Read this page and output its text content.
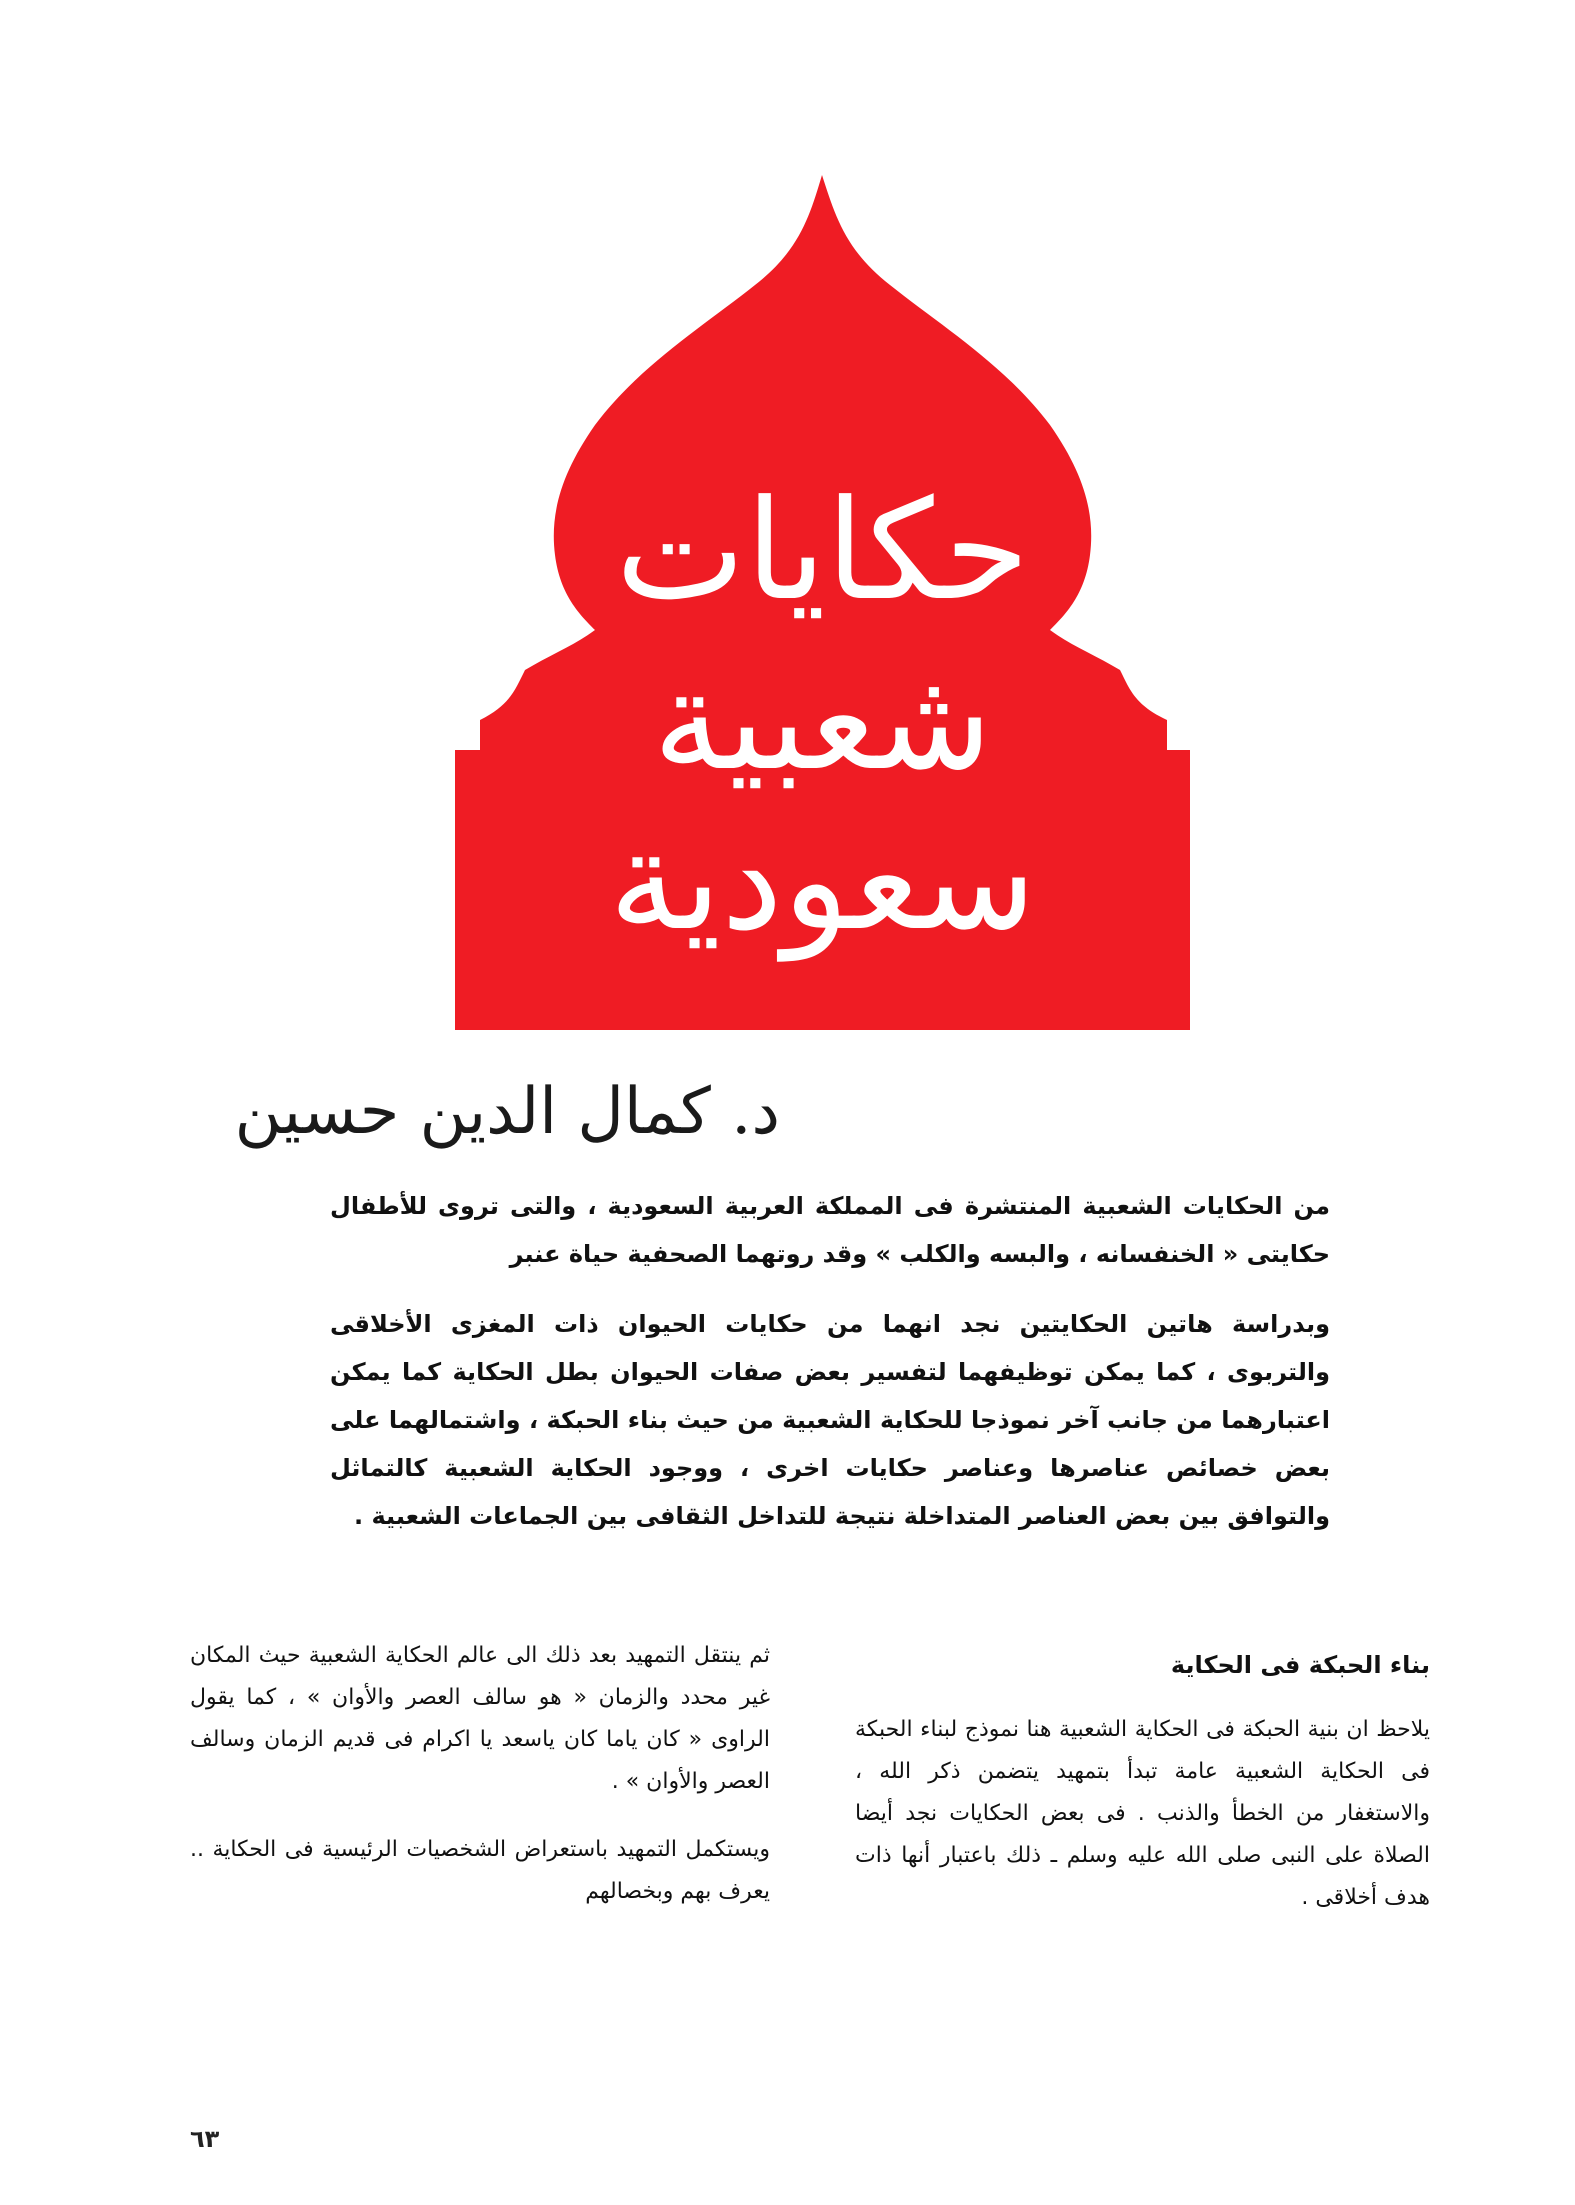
حكايات
شعبية
سعودية
د. كمال الدين حسين
من الحكايات الشعبية المنتشرة فى المملكة العربية السعودية ، والتى تروى للأطفال حكايتى « الخنفسانه ، والبسه والكلب » وقد روتهما الصحفية حياة عنبر
وبدراسة هاتين الحكايتين نجد انهما من حكايات الحيوان ذات المغزى الأخلاقى والتربوى ، كما يمكن توظيفهما لتفسير بعض صفات الحيوان بطل الحكاية كما يمكن اعتبارهما من جانب آخر نموذجا للحكاية الشعبية من حيث بناء الحبكة ، واشتمالهما على بعض خصائص عناصرها وعناصر حكايات اخرى ، ووجود الحكاية الشعبية كالتماثل والتوافق بين بعض العناصر المتداخلة نتيجة للتداخل الثقافى بين الجماعات الشعبية .
بناء الحبكة فى الحكاية
يلاحظ ان بنية الحبكة فى الحكاية الشعبية هنا نموذج لبناء الحبكة فى الحكاية الشعبية عامة تبدأ بتمهيد يتضمن ذكر الله ، والاستغفار من الخطأ والذنب . فى بعض الحكايات نجد أيضا الصلاة على النبى صلى الله عليه وسلم ـ ذلك باعتبار أنها ذات هدف أخلاقى .
ثم ينتقل التمهيد بعد ذلك الى عالم الحكاية الشعبية حيث المكان غير محدد والزمان « هو سالف العصر والأوان » ، كما يقول الراوى « كان ياما كان ياسعد يا اكرام فى قديم الزمان وسالف العصر والأوان » .
ويستكمل التمهيد باستعراض الشخصيات الرئيسية فى الحكاية .. يعرف بهم وبخصالهم
٦٣
